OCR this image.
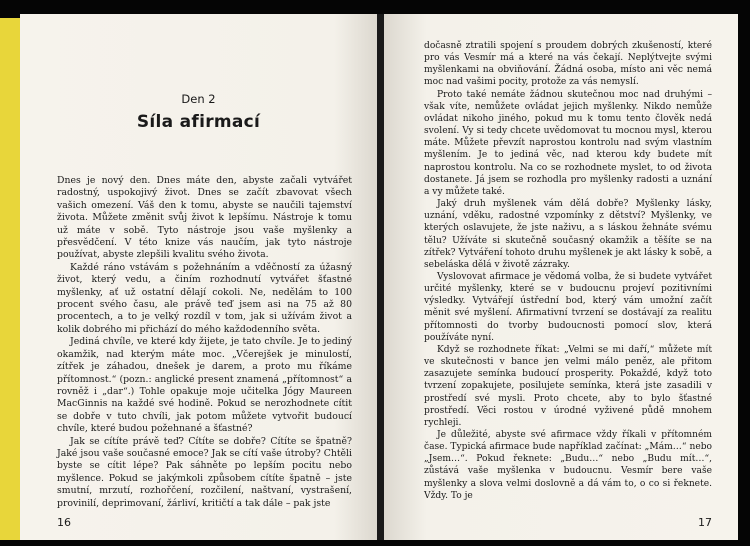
Den 2
Síla afirmací

Dnes je nový den. Dnes máte den, abyste začali vytvářet radostný, uspokojivý život. Dnes se začít zbavovat všech vašich omezení. Váš den k tomu, abyste se naučili tajemství života. Můžete změnit svůj život k lepšímu. Nástroje k tomu už máte v sobě. Tyto nástroje jsou vaše myšlenky a přesvědčení. V této knize vás naučím, jak tyto nástroje používat, abyste zlepšili kvalitu svého života.

Každé ráno vstávám s požehnáním a vděčností za úžasný život, který vedu, a činím rozhodnutí vytvářet šťastné myšlenky, ať už ostatní dělají cokoli. Ne, nedělám to 100 procent svého času, ale právě teď jsem asi na 75 až 80 procentech, a to je velký rozdíl v tom, jak si užívám život a kolik dobrého mi přichází do mého každodenního světa.

Jediná chvíle, ve které kdy žijete, je tato chvíle. Je to jediný okamžik, nad kterým máte moc. „Včerejšek je minulostí, zítřek je záhadou, dnešek je darem, a proto mu říkáme přítomnost.“ (pozn.: anglické present znamená „přítomnost“ a rovněž i „dar“.) Tohle opakuje moje učitelka Jógy Maureen MacGinnis na každé své hodině. Pokud se nerozhodnete cítit se dobře v tuto chvíli, jak potom můžete vytvořit budoucí chvíle, které budou požehnané a šťastné?

Jak se cítíte právě teď? Cítíte se dobře? Cítíte se špatně? Jaké jsou vaše současné emoce? Jak se cítí vaše útroby? Chtěli byste se cítit lépe? Pak sáhněte po lepším pocitu nebo myšlence. Pokud se jakýmkoli způsobem cítíte špatně – jste smutní, mrzutí, rozhořčení, rozčilení, naštvaní, vystrašení, provinilí, deprimovaní, žárliví, kritičtí a tak dále – pak jste

16

dočasně ztratili spojení s proudem dobrých zkušeností, které pro vás Vesmír má a které na vás čekají. Neplýtvejte svými myšlenkami na obviňování. Žádná osoba, místo ani věc nemá moc nad vašimi pocity, protože za vás nemyslí.

Proto také nemáte žádnou skutečnou moc nad druhými – však víte, nemůžete ovládat jejich myšlenky. Nikdo nemůže ovládat nikoho jiného, pokud mu k tomu tento člověk nedá svolení. Vy si tedy chcete uvědomovat tu mocnou mysl, kterou máte. Můžete převzít naprostou kontrolu nad svým vlastním myšlením. Je to jediná věc, nad kterou kdy budete mít naprostou kontrolu. Na co se rozhodnete myslet, to od života dostanete. Já jsem se rozhodla pro myšlenky radosti a uznání a vy můžete také.

Jaký druh myšlenek vám dělá dobře? Myšlenky lásky, uznání, vděku, radostné vzpomínky z dětství? Myšlenky, ve kterých oslavujete, že jste naživu, a s láskou žehnáte svému tělu? Užíváte si skutečně současný okamžik a těšíte se na zítřek? Vytváření tohoto druhu myšlenek je akt lásky k sobě, a sebeláska dělá v životě zázraky.

Vyslovovat afirmace je vědomá volba, že si budete vytvářet určité myšlenky, které se v budoucnu projeví pozitivními výsledky. Vytvářejí ústřední bod, který vám umožní začít měnit své myšlení. Afirmativní tvrzení se dostávají za realitu přítomnosti do tvorby budoucnosti pomocí slov, která používáte nyní.

Když se rozhodnete říkat: „Velmi se mi daří,“ můžete mít ve skutečnosti v bance jen velmi málo peněz, ale přitom zasazujete semínka budoucí prosperity. Pokaždé, když toto tvrzení zopakujete, posilujete semínka, která jste zasadili v prostředí své mysli. Proto chcete, aby to bylo šťastné prostředí. Věci rostou v úrodné vyživené půdě mnohem rychleji.

Je důležité, abyste své afirmace vždy říkali v přítomném čase. Typická afirmace bude například začínat: „Mám…“ nebo „Jsem…“. Pokud řeknete: „Budu…“ nebo „Budu mít…“, zůstává vaše myšlenka v budoucnu. Vesmír bere vaše myšlenky a slova velmi doslovně a dá vám to, o co si řeknete. Vždy. To je

17
